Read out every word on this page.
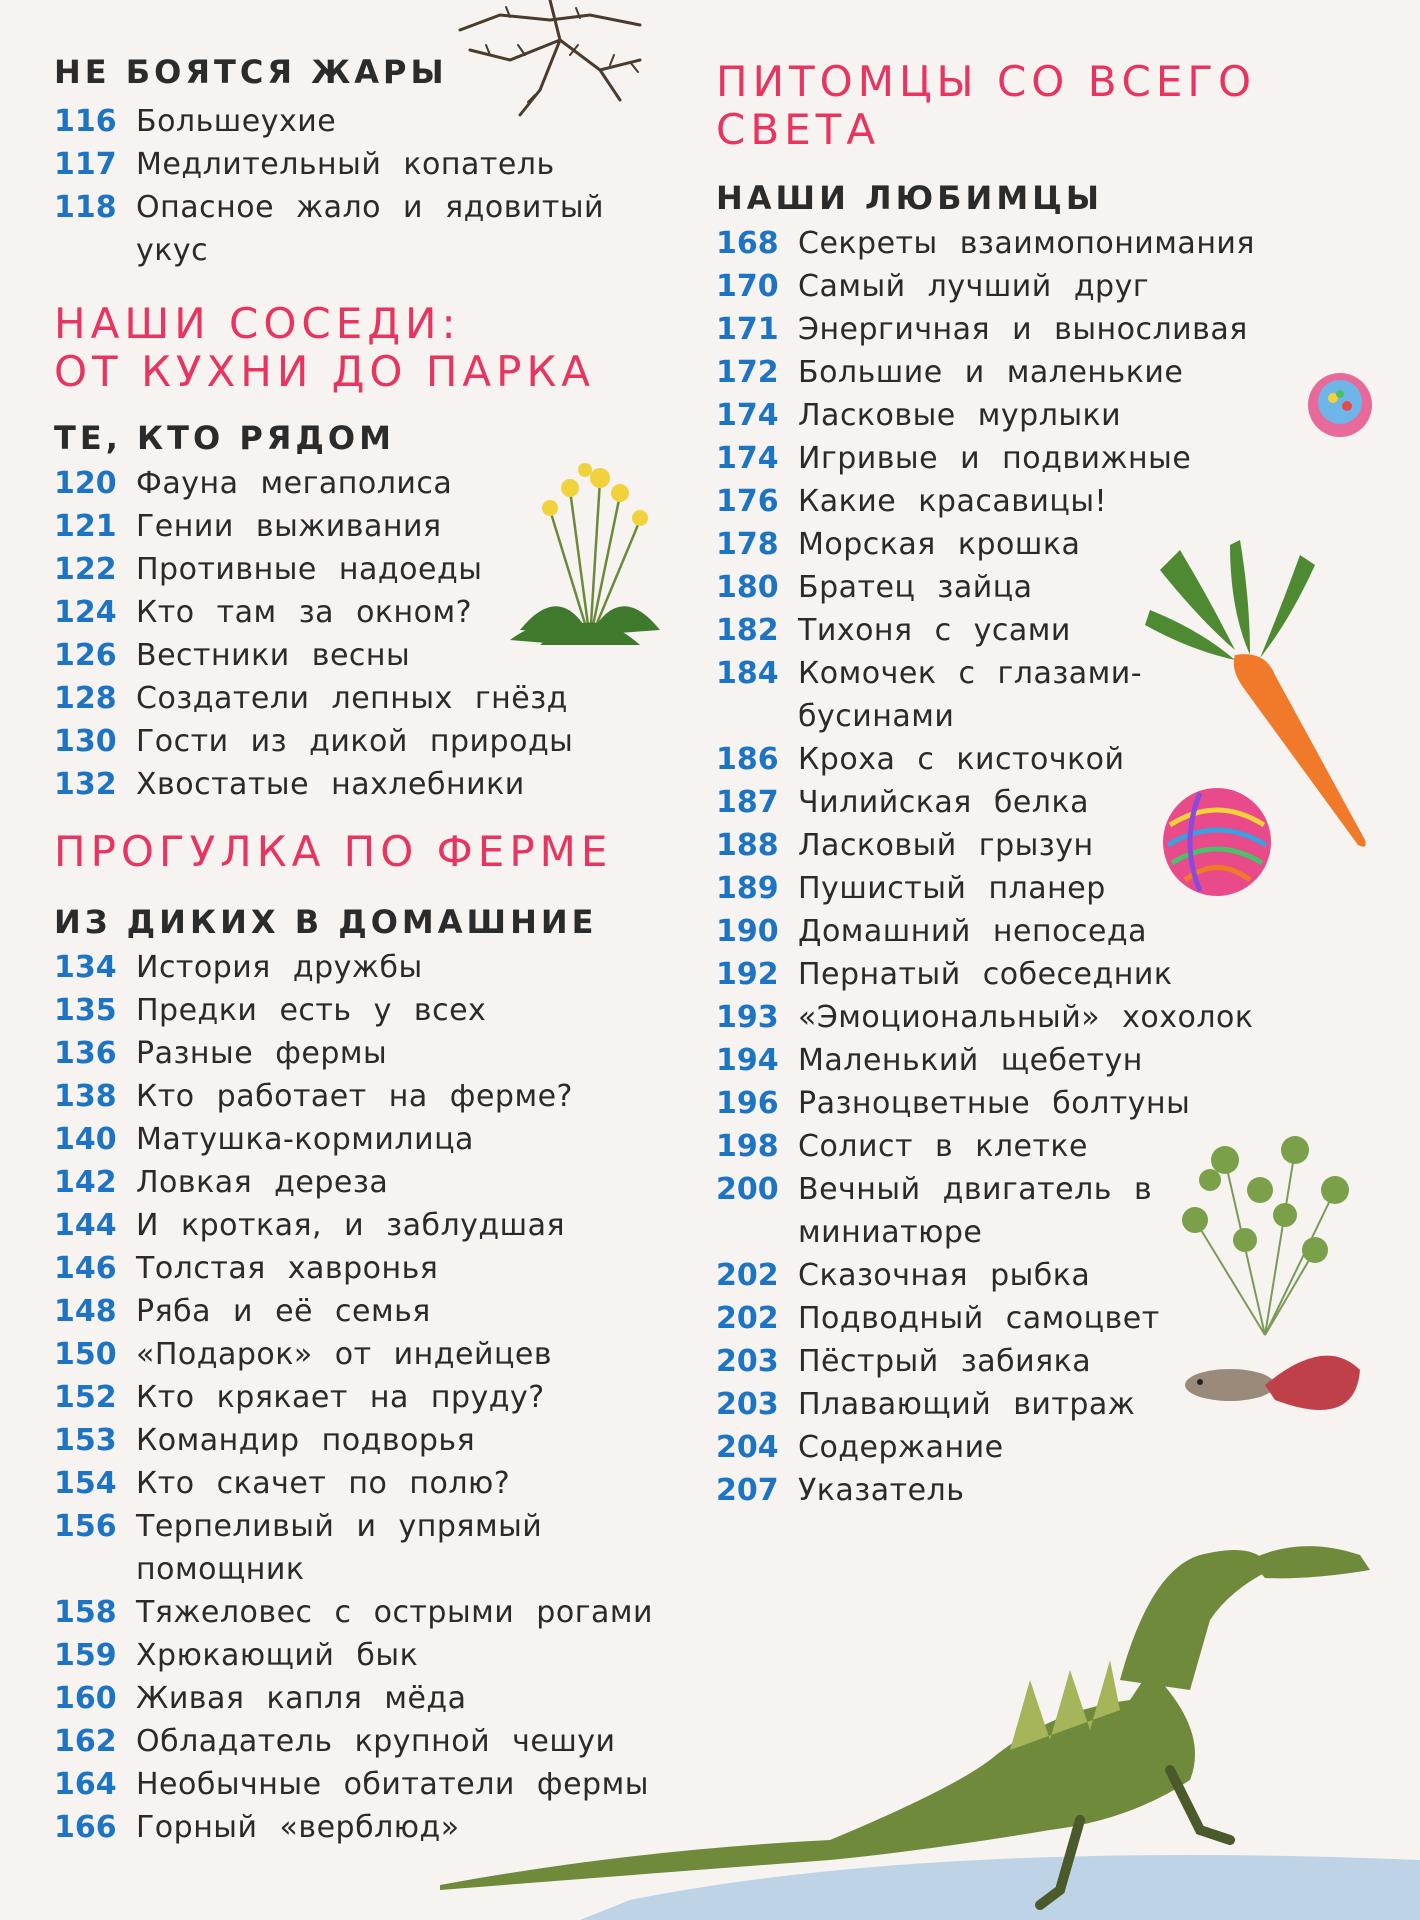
НЕ БОЯТСЯ ЖАРЫ
116 Большеухие
117 Медлительный копатель
118 Опасное жало и ядовитый укус
НАШИ СОСЕДИ:
ОТ КУХНИ ДО ПАРКА
ТЕ, КТО РЯДОМ
120 Фауна мегаполиса
121 Гении выживания
122 Противные надоеды
124 Кто там за окном?
126 Вестники весны
128 Создатели лепных гнёзд
130 Гости из дикой природы
132 Хвостатые нахлебники
ПРОГУЛКА ПО ФЕРМЕ
ИЗ ДИКИХ В ДОМАШНИЕ
134 История дружбы
135 Предки есть у всех
136 Разные фермы
138 Кто работает на ферме?
140 Матушка-кормилица
142 Ловкая дереза
144 И кроткая, и заблудшая
146 Толстая хавронья
148 Ряба и её семья
150 «Подарок» от индейцев
152 Кто крякает на пруду?
153 Командир подворья
154 Кто скачет по полю?
156 Терпеливый и упрямый помощник
158 Тяжеловес с острыми рогами
159 Хрюкающий бык
160 Живая капля мёда
162 Обладатель крупной чешуи
164 Необычные обитатели фермы
166 Горный «верблюд»
ПИТОМЦЫ СО ВСЕГО
СВЕТА
НАШИ ЛЮБИМЦЫ
168 Секреты взаимопонимания
170 Самый лучший друг
171 Энергичная и выносливая
172 Большие и маленькие
174 Ласковые мурлыки
174 Игривые и подвижные
176 Какие красавицы!
178 Морская крошка
180 Братец зайца
182 Тихоня с усами
184 Комочек с глазами-бусинами
186 Кроха с кисточкой
187 Чилийская белка
188 Ласковый грызун
189 Пушистый планер
190 Домашний непоседа
192 Пернатый собеседник
193 «Эмоциональный» хохолок
194 Маленький щебетун
196 Разноцветные болтуны
198 Солист в клетке
200 Вечный двигатель в миниатюре
202 Сказочная рыбка
202 Подводный самоцвет
203 Пёстрый забияка
203 Плавающий витраж
204 Содержание
207 Указатель
